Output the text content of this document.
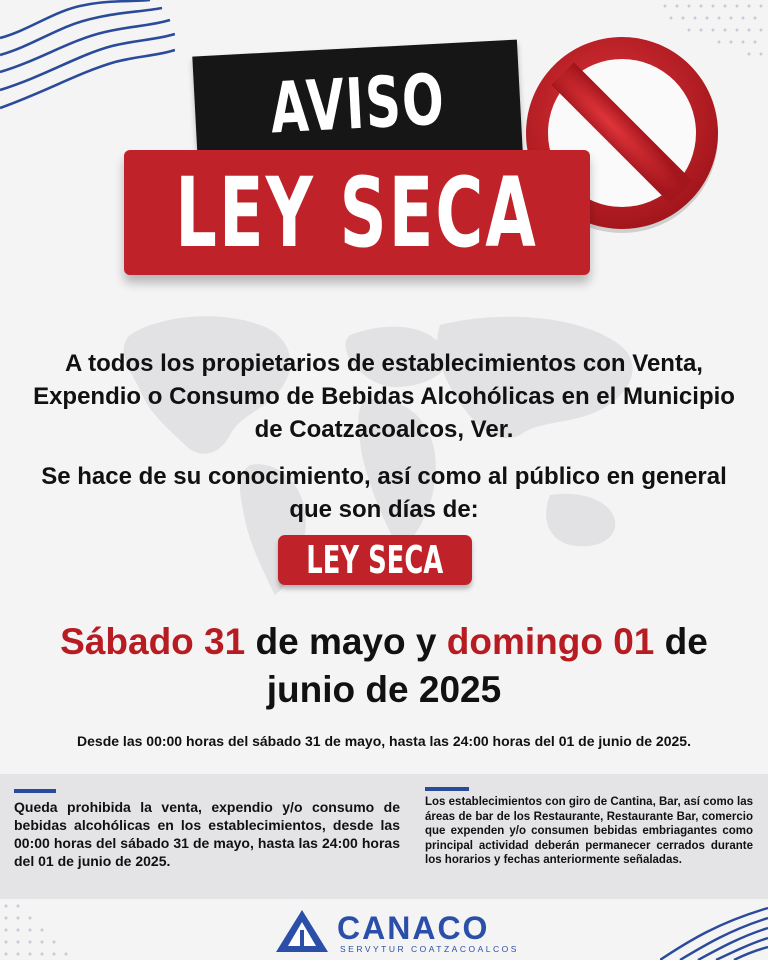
AVISO
LEY SECA
A todos los propietarios de establecimientos con Venta, Expendio o Consumo de Bebidas Alcohólicas en el Municipio de Coatzacoalcos, Ver.
Se hace de su conocimiento, así como al público en general que son días de:
LEY SECA
Sábado 31 de mayo y domingo 01 de junio de 2025
Desde las 00:00 horas del sábado 31 de mayo, hasta las 24:00 horas del 01 de junio de 2025.
Queda prohibida la venta, expendio y/o consumo de bebidas alcohólicas en los establecimientos, desde las 00:00 horas del sábado 31 de mayo, hasta las 24:00 horas del 01 de junio de 2025.
Los establecimientos con giro de Cantina, Bar, así como las áreas de bar de los Restaurante, Restaurante Bar, comercio que expenden y/o consumen bebidas embriagantes como principal actividad deberán permanecer cerrados durante los horarios y fechas anteriormente señaladas.
CANACO
SERVYTUR COATZACOALCOS
